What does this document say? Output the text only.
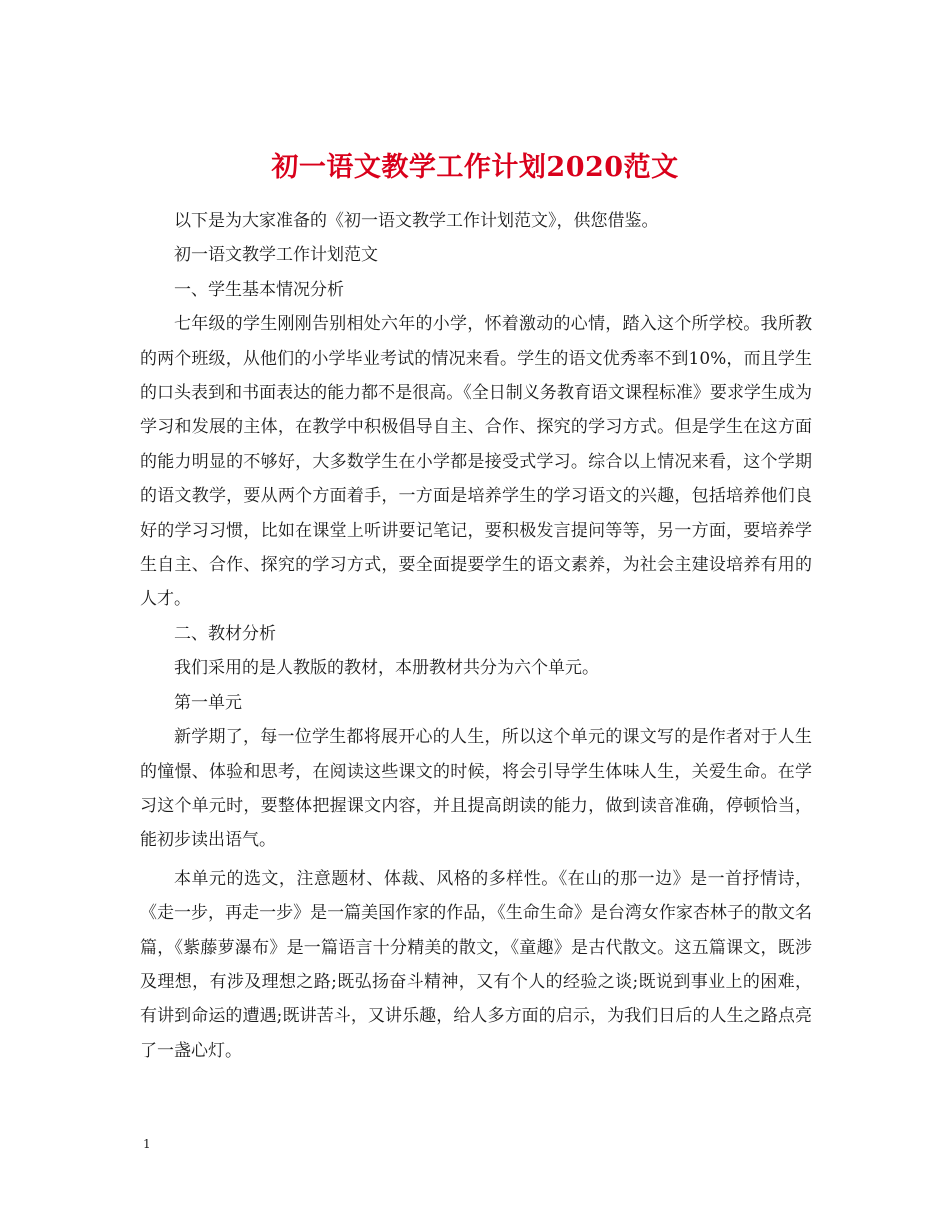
初一语文教学工作计划2020范文

以下是为大家准备的《初一语文教学工作计划范文》，供您借鉴。

初一语文教学工作计划范文

一、学生基本情况分析

七年级的学生刚刚告别相处六年的小学，怀着激动的心情，踏入这个所学校。我所教的两个班级，从他们的小学毕业考试的情况来看。学生的语文优秀率不到10%，而且学生的口头表到和书面表达的能力都不是很高。《全日制义务教育语文课程标准》要求学生成为学习和发展的主体，在教学中积极倡导自主、合作、探究的学习方式。但是学生在这方面的能力明显的不够好，大多数学生在小学都是接受式学习。综合以上情况来看，这个学期的语文教学，要从两个方面着手，一方面是培养学生的学习语文的兴趣，包括培养他们良好的学习习惯，比如在课堂上听讲要记笔记，要积极发言提问等等，另一方面，要培养学生自主、合作、探究的学习方式，要全面提要学生的语文素养，为社会主建设培养有用的人才。

二、教材分析

我们采用的是人教版的教材，本册教材共分为六个单元。

第一单元

新学期了，每一位学生都将展开心的人生，所以这个单元的课文写的是作者对于人生的憧憬、体验和思考，在阅读这些课文的时候，将会引导学生体味人生，关爱生命。在学习这个单元时，要整体把握课文内容，并且提高朗读的能力，做到读音准确，停顿恰当，能初步读出语气。

本单元的选文，注意题材、体裁、风格的多样性。《在山的那一边》是一首抒情诗，《走一步，再走一步》是一篇美国作家的作品，《生命生命》是台湾女作家杏林子的散文名篇，《紫藤萝瀑布》是一篇语言十分精美的散文，《童趣》是古代散文。这五篇课文，既涉及理想，有涉及理想之路;既弘扬奋斗精神，又有个人的经验之谈;既说到事业上的困难，有讲到命运的遭遇;既讲苦斗，又讲乐趣，给人多方面的启示，为我们日后的人生之路点亮了一盏心灯。

1
